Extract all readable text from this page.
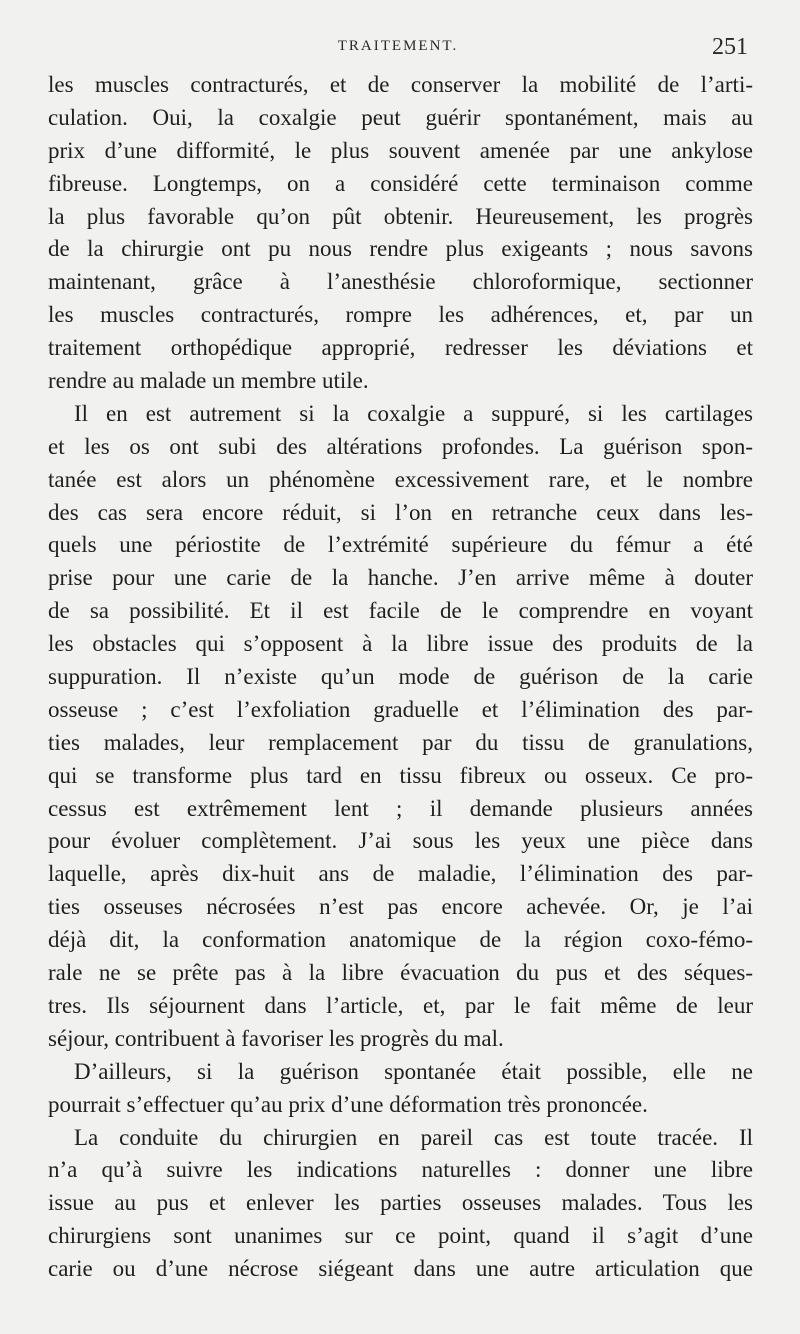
TRAITEMENT.	251
les muscles contracturés, et de conserver la mobilité de l’arti-
culation. Oui, la coxalgie peut guérir spontanément, mais au
prix d’une difformité, le plus souvent amenée par une ankylose
fibreuse. Longtemps, on a considéré cette terminaison comme
la plus favorable qu’on pût obtenir. Heureusement, les progrès
de la chirurgie ont pu nous rendre plus exigeants ; nous savons
maintenant, grâce à l’anesthésie chloroformique, sectionner
les muscles contracturés, rompre les adhérences, et, par un
traitement orthopédique approprié, redresser les déviations et
rendre au malade un membre utile.
Il en est autrement si la coxalgie a suppuré, si les cartilages
et les os ont subi des altérations profondes. La guérison spon-
tanée est alors un phénomène excessivement rare, et le nombre
des cas sera encore réduit, si l’on en retranche ceux dans les-
quels une périostite de l’extrémité supérieure du fémur a été
prise pour une carie de la hanche. J’en arrive même à douter
de sa possibilité. Et il est facile de le comprendre en voyant
les obstacles qui s’opposent à la libre issue des produits de la
suppuration. Il n’existe qu’un mode de guérison de la carie
osseuse ; c’est l’exfoliation graduelle et l’élimination des par-
ties malades, leur remplacement par du tissu de granulations,
qui se transforme plus tard en tissu fibreux ou osseux. Ce pro-
cessus est extrêmement lent ; il demande plusieurs années
pour évoluer complètement. J’ai sous les yeux une pièce dans
laquelle, après dix-huit ans de maladie, l’élimination des par-
ties osseuses nécrosées n’est pas encore achevée. Or, je l’ai
déjà dit, la conformation anatomique de la région coxo-fémo-
rale ne se prête pas à la libre évacuation du pus et des séques-
tres. Ils séjournent dans l’article, et, par le fait même de leur
séjour, contribuent à favoriser les progrès du mal.
D’ailleurs, si la guérison spontanée était possible, elle ne
pourrait s’effectuer qu’au prix d’une déformation très prononcée.
La conduite du chirurgien en pareil cas est toute tracée. Il
n’a qu’à suivre les indications naturelles : donner une libre
issue au pus et enlever les parties osseuses malades. Tous les
chirurgiens sont unanimes sur ce point, quand il s’agit d’une
carie ou d’une nécrose siégeant dans une autre articulation que
